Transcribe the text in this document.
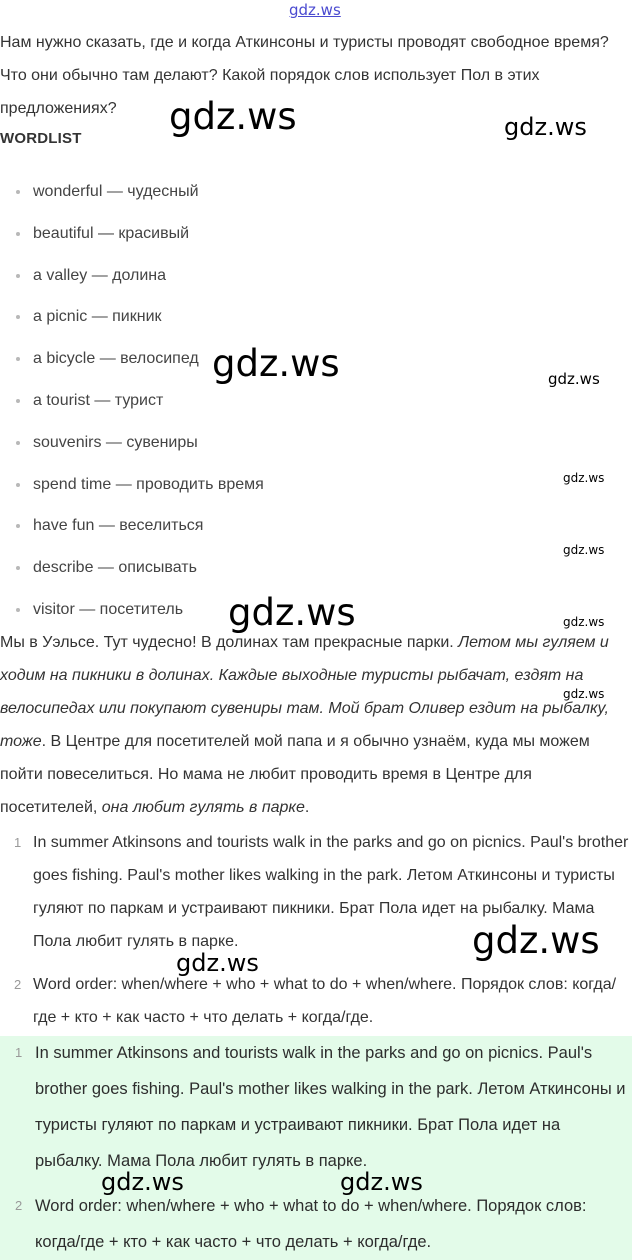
gdz.ws
Нам нужно сказать, где и когда Аткинсоны и туристы проводят свободное время? Что они обычно там делают? Какой порядок слов использует Пол в этих предложениях?
WORDLIST
wonderful — чудесный
beautiful — красивый
a valley — долина
a picnic — пикник
a bicycle — велосипед
a tourist — турист
souvenirs — сувениры
spend time — проводить время
have fun — веселиться
describe — описывать
visitor — посетитель
Мы в Уэльсе. Тут чудесно! В долинах там прекрасные парки. Летом мы гуляем и ходим на пикники в долинах. Каждые выходные туристы рыбачат, ездят на велосипедах или покупают сувениры там. Мой брат Оливер ездит на рыбалку, тоже. В Центре для посетителей мой папа и я обычно узнаём, куда мы можем пойти повеселиться. Но мама не любит проводить время в Центре для посетителей, она любит гулять в парке.
1 In summer Atkinsons and tourists walk in the parks and go on picnics. Paul's brother goes fishing. Paul's mother likes walking in the park. Летом Аткинсоны и туристы гуляют по паркам и устраивают пикники. Брат Пола идет на рыбалку. Мама Пола любит гулять в парке.
2 Word order: when/where + who + what to do + when/where. Порядок слов: когда/где + кто + как часто + что делать + когда/где.
1 In summer Atkinsons and tourists walk in the parks and go on picnics. Paul's brother goes fishing. Paul's mother likes walking in the park. Летом Аткинсоны и туристы гуляют по паркам и устраивают пикники. Брат Пола идет на рыбалку. Мама Пола любит гулять в парке.
2 Word order: when/where + who + what to do + when/where. Порядок слов: когда/где + кто + как часто + что делать + когда/где.
gdz.ws	gdz.ws
gdz.ws	gdz.ws
gdz.ws
gdz.ws
gdz.ws	gdz.ws
gdz.ws
gdz.ws
gdz.ws
gdz.ws	gdz.ws
